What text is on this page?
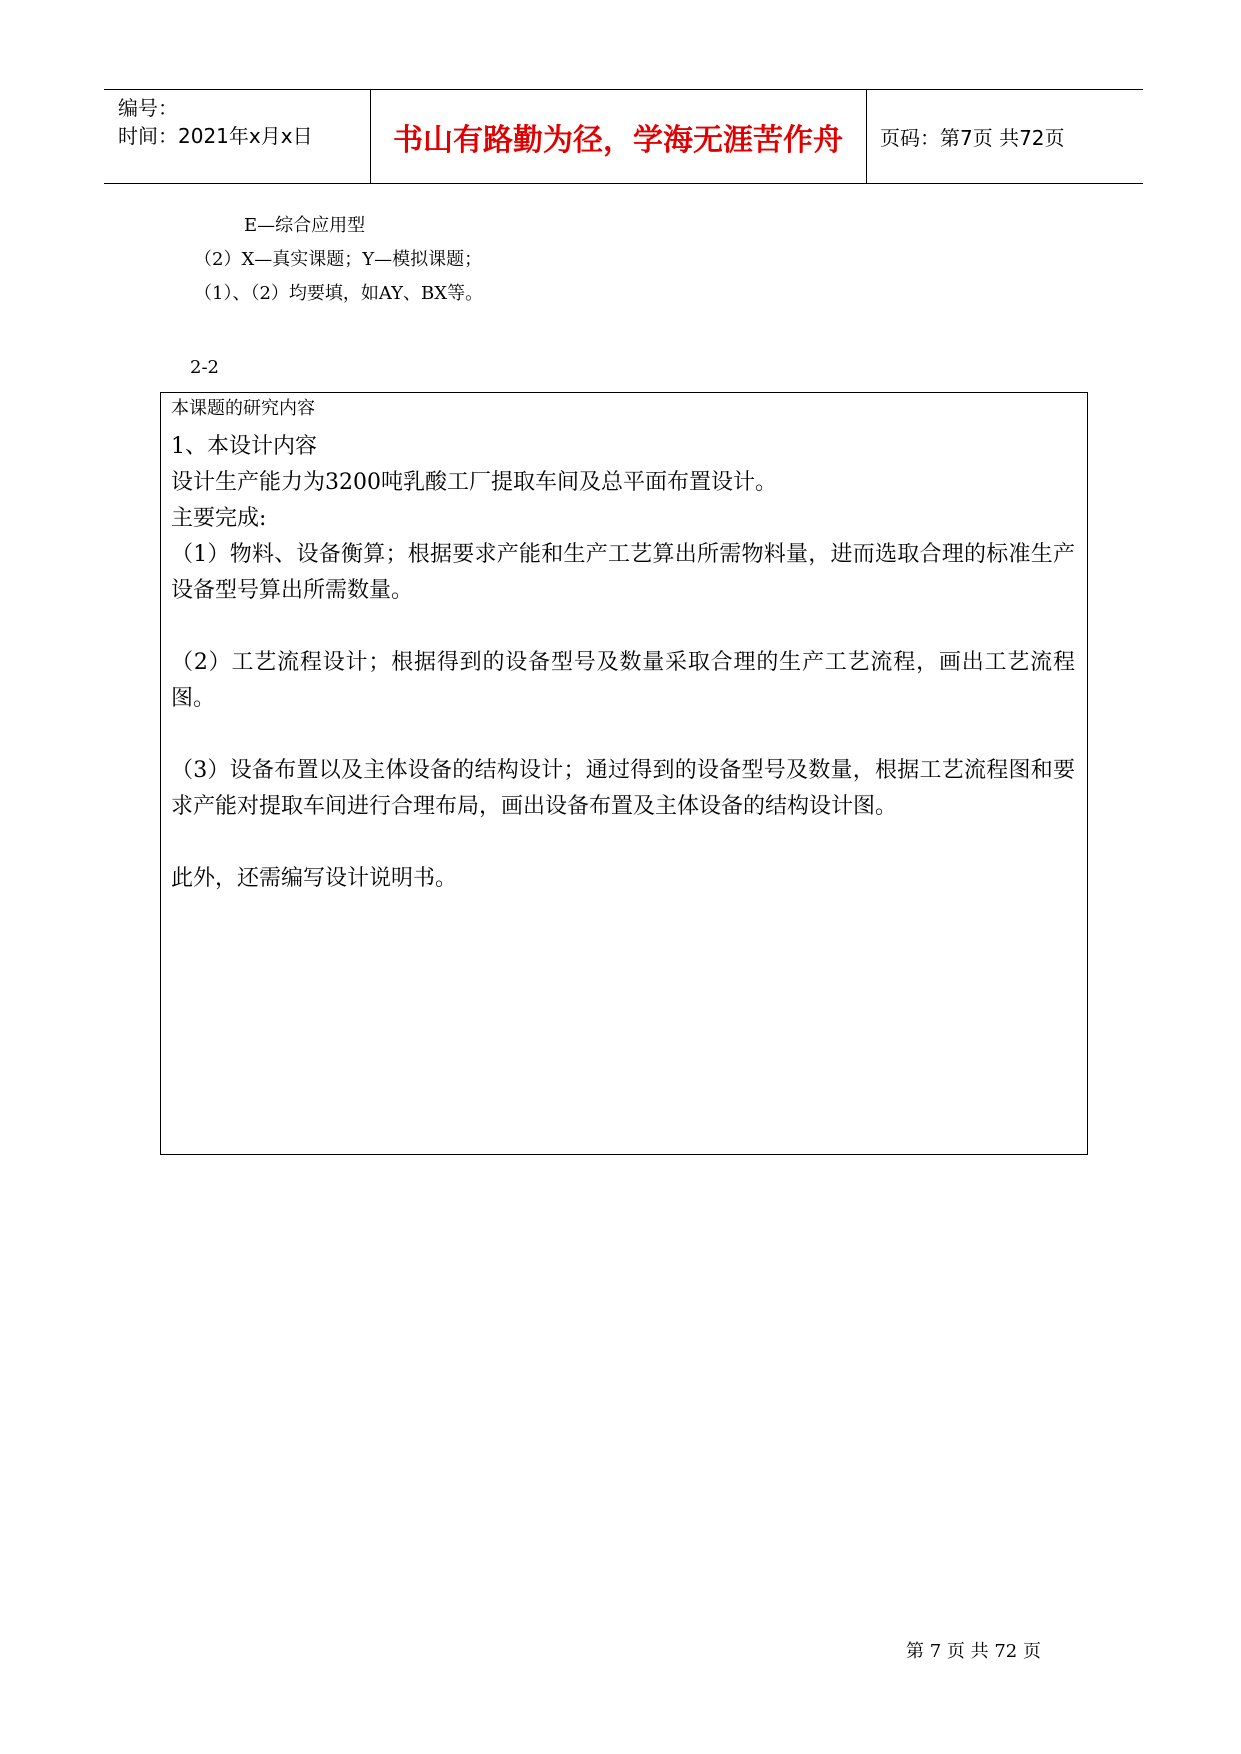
编号：
时间：2021年x月x日	书山有路勤为径，学海无涯苦作舟	页码：第7页 共72页
E—综合应用型
（2）X—真实课题；Y—模拟课题；
（1）、（2）均要填，如AY、BX等。
2-2
本课题的研究内容

1、本设计内容

设计生产能力为3200吨乳酸工厂提取车间及总平面布置设计。

主要完成:

（1）物料、设备衡算；根据要求产能和生产工艺算出所需物料量，进而选取合理的标准生产设备型号算出所需数量。

（2）工艺流程设计；根据得到的设备型号及数量采取合理的生产工艺流程，画出工艺流程图。

（3）设备布置以及主体设备的结构设计；通过得到的设备型号及数量，根据工艺流程图和要求产能对提取车间进行合理布局，画出设备布置及主体设备的结构设计图。

此外，还需编写设计说明书。

第 7 页 共 72 页
